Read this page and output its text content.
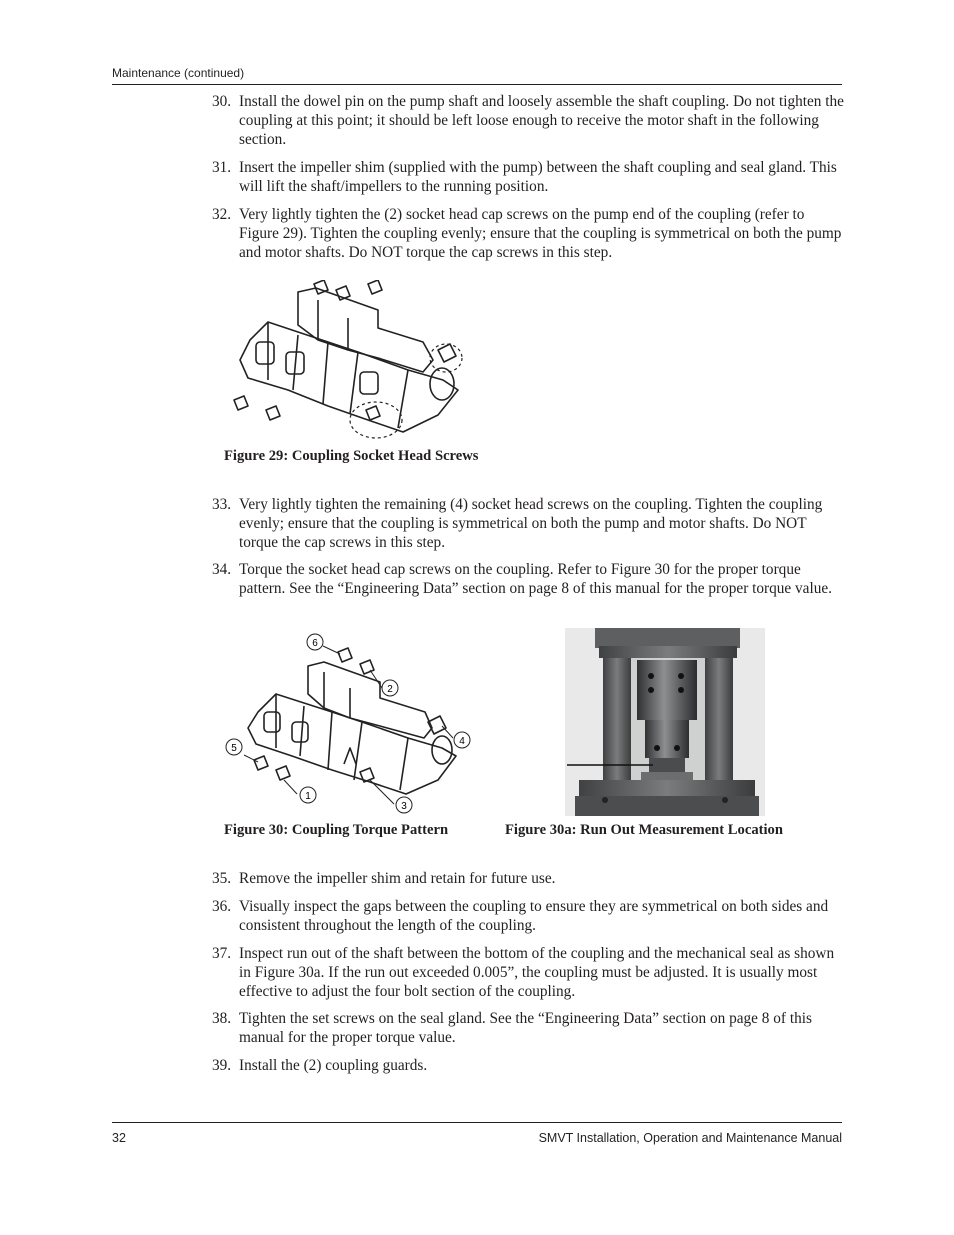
Maintenance (continued)
30. Install the dowel pin on the pump shaft and loosely assemble the shaft coupling. Do not tighten the coupling at this point; it should be left loose enough to receive the motor shaft in the following section.
31. Insert the impeller shim (supplied with the pump) between the shaft coupling and seal gland. This will lift the shaft/impellers to the running position.
32. Very lightly tighten the (2) socket head cap screws on the pump end of the coupling (refer to Figure 29). Tighten the coupling evenly; ensure that the coupling is symmetrical on both the pump and motor shafts. Do NOT torque the cap screws in this step.
Figure 29: Coupling Socket Head Screws
33. Very lightly tighten the remaining (4) socket head screws on the coupling. Tighten the coupling evenly; ensure that the coupling is symmetrical on both the pump and motor shafts. Do NOT torque the cap screws in this step.
34. Torque the socket head cap screws on the coupling. Refer to Figure 30 for the proper torque pattern. See the “Engineering Data” section on page 8 of this manual for the proper torque value.
6
2
4
5
1
3
Figure 30: Coupling Torque Pattern	Figure 30a: Run Out Measurement Location
35. Remove the impeller shim and retain for future use.
36. Visually inspect the gaps between the coupling to ensure they are symmetrical on both sides and consistent throughout the length of the coupling.
37. Inspect run out of the shaft between the bottom of the coupling and the mechanical seal as shown in Figure 30a. If the run out exceeded 0.005”, the coupling must be adjusted. It is usually most effective to adjust the four bolt section of the coupling.
38. Tighten the set screws on the seal gland. See the “Engineering Data” section on page 8 of this manual for the proper torque value.
39. Install the (2) coupling guards.
32	SMVT Installation, Operation and Maintenance Manual
